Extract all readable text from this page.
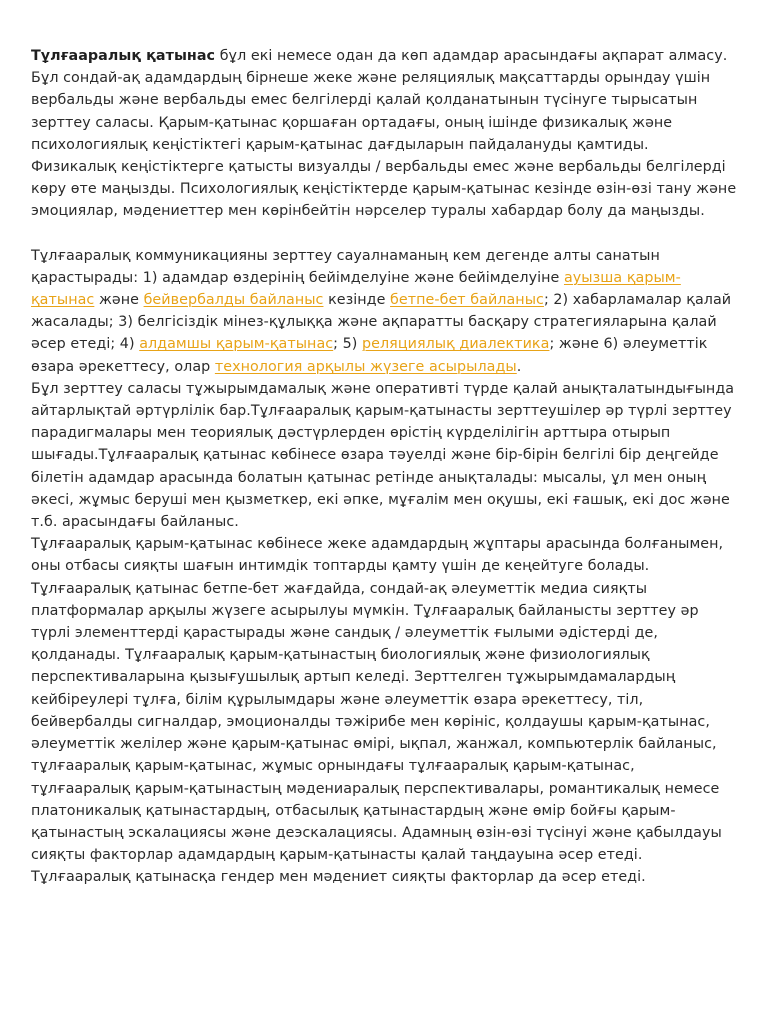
Тұлғааралық қатынас бұл екі немесе одан да көп адамдар арасындағы ақпарат алмасу. Бұл сондай-ақ адамдардың бірнеше жеке және реляциялық мақсаттарды орындау үшін вербальды және вербальды емес белгілерді қалай қолданатынын түсінуге тырысатын зерттеу саласы. Қарым-қатынас қоршаған ортадағы, оның ішінде физикалық және психологиялық кеңістіктегі қарым-қатынас дағдыларын пайдалануды қамтиды. Физикалық кеңістіктерге қатысты визуалды / вербальды емес және вербальды белгілерді көру өте маңызды. Психологиялық кеңістіктерде қарым-қатынас кезінде өзін-өзі тану және эмоциялар, мәдениеттер мен көрінбейтін нәрселер туралы хабардар болу да маңызды.

Тұлғааралық коммуникацияны зерттеу сауалнаманың кем дегенде алты санатын қарастырады: 1) адамдар өздерінің бейімделуіне және бейімделуіне ауызша қарым-қатынас және бейвербалды байланыс кезінде бетпе-бет байланыс; 2) хабарламалар қалай жасалады; 3) белгісіздік мінез-құлыққа және ақпаратты басқару стратегияларына қалай әсер етеді; 4) алдамшы қарым-қатынас; 5) реляциялық диалектика; және 6) әлеуметтік өзара әрекеттесу, олар технология арқылы жүзеге асырылады.

Бұл зерттеу саласы тұжырымдамалық және оперативті түрде қалай анықталатындығында айтарлықтай әртүрлілік бар.Тұлғааралық қарым-қатынасты зерттеушілер әр түрлі зерттеу парадигмалары мен теориялық дәстүрлерден өрістің күрделілігін арттыра отырып шығады.Тұлғааралық қатынас көбінесе өзара тәуелді және бір-бірін белгілі бір деңгейде білетін адамдар арасында болатын қатынас ретінде анықталады: мысалы, ұл мен оның әкесі, жұмыс беруші мен қызметкер, екі әпке, мұғалім мен оқушы, екі ғашық, екі дос және т.б. арасындағы байланыс.

Тұлғааралық қарым-қатынас көбінесе жеке адамдардың жұптары арасында болғанымен, оны отбасы сияқты шағын интимдік топтарды қамту үшін де кеңейтуге болады. Тұлғааралық қатынас бетпе-бет жағдайда, сондай-ақ әлеуметтік медиа сияқты платформалар арқылы жүзеге асырылуы мүмкін. Тұлғааралық байланысты зерттеу әр түрлі элементтерді қарастырады және сандық / әлеуметтік ғылыми әдістерді де, қолданады. Тұлғааралық қарым-қатынастың биологиялық және физиологиялық перспективаларына қызығушылық артып келеді. Зерттелген тұжырымдамалардың кейбіреулері тұлға, білім құрылымдары және әлеуметтік өзара әрекеттесу, тіл, бейвербалды сигналдар, эмоционалды тәжірибе мен көрініс, қолдаушы қарым-қатынас, әлеуметтік желілер және қарым-қатынас өмірі, ықпал, жанжал, компьютерлік байланыс, тұлғааралық қарым-қатынас, жұмыс орнындағы тұлғааралық қарым-қатынас, тұлғааралық қарым-қатынастың мәдениаралық перспективалары, романтикалық немесе платоникалық қатынастардың, отбасылық қатынастардың және өмір бойғы қарым-қатынастың эскалациясы және деэскалациясы. Адамның өзін-өзі түсінуі және қабылдауы сияқты факторлар адамдардың қарым-қатынасты қалай таңдауына әсер етеді. Тұлғааралық қатынасқа гендер мен мәдениет сияқты факторлар да әсер етеді.
